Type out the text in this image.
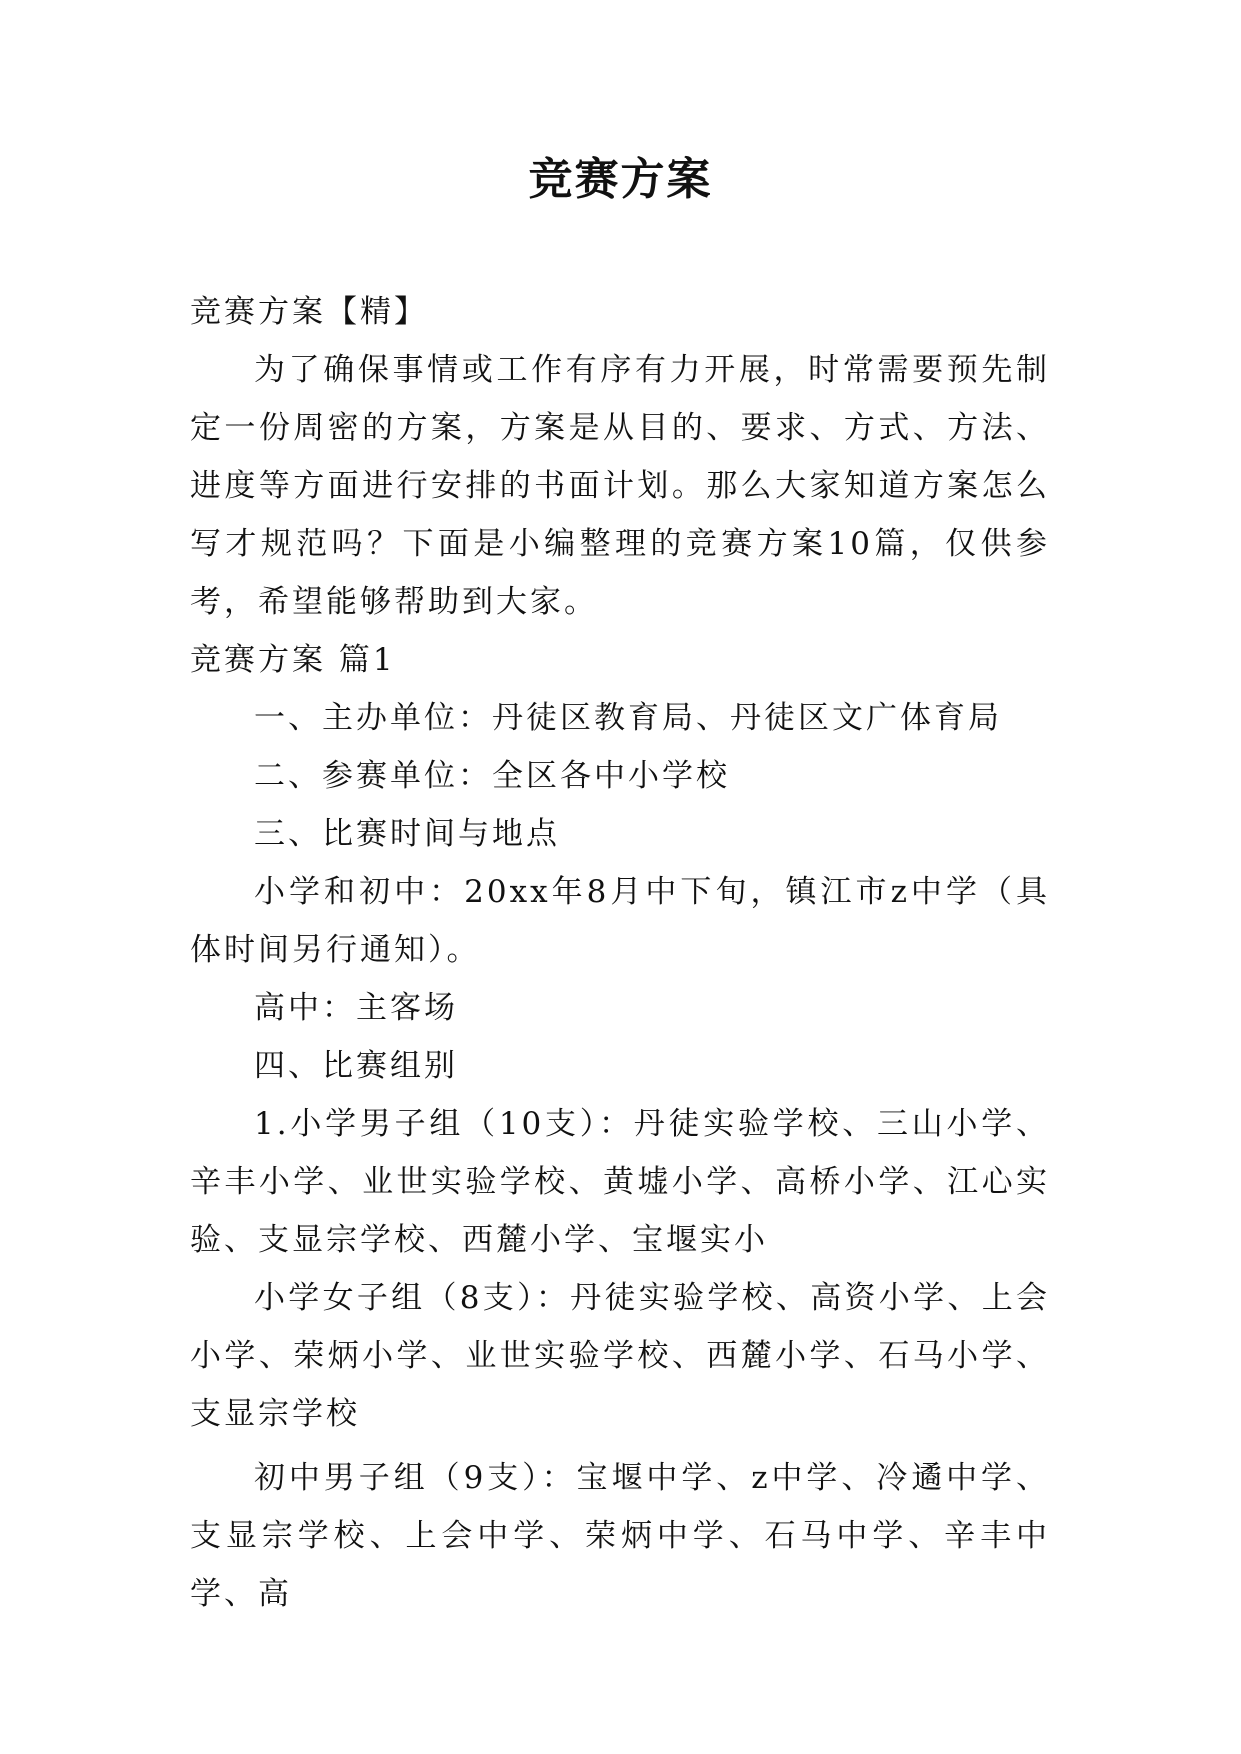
竞赛方案

竞赛方案【精】

为了确保事情或工作有序有力开展，时常需要预先制定一份周密的方案，方案是从目的、要求、方式、方法、进度等方面进行安排的书面计划。那么大家知道方案怎么写才规范吗？下面是小编整理的竞赛方案10篇，仅供参考，希望能够帮助到大家。

竞赛方案 篇1

一、主办单位：丹徒区教育局、丹徒区文广体育局

二、参赛单位：全区各中小学校

三、比赛时间与地点

小学和初中：20xx年8月中下旬，镇江市z中学（具体时间另行通知）。

高中：主客场

四、比赛组别

1.小学男子组（10支）：丹徒实验学校、三山小学、辛丰小学、业世实验学校、黄墟小学、高桥小学、江心实验、支显宗学校、西麓小学、宝堰实小

小学女子组（8支）：丹徒实验学校、高资小学、上会小学、荣炳小学、业世实验学校、西麓小学、石马小学、支显宗学校

初中男子组（9支）：宝堰中学、z中学、冷遹中学、支显宗学校、上会中学、荣炳中学、石马中学、辛丰中学、高
